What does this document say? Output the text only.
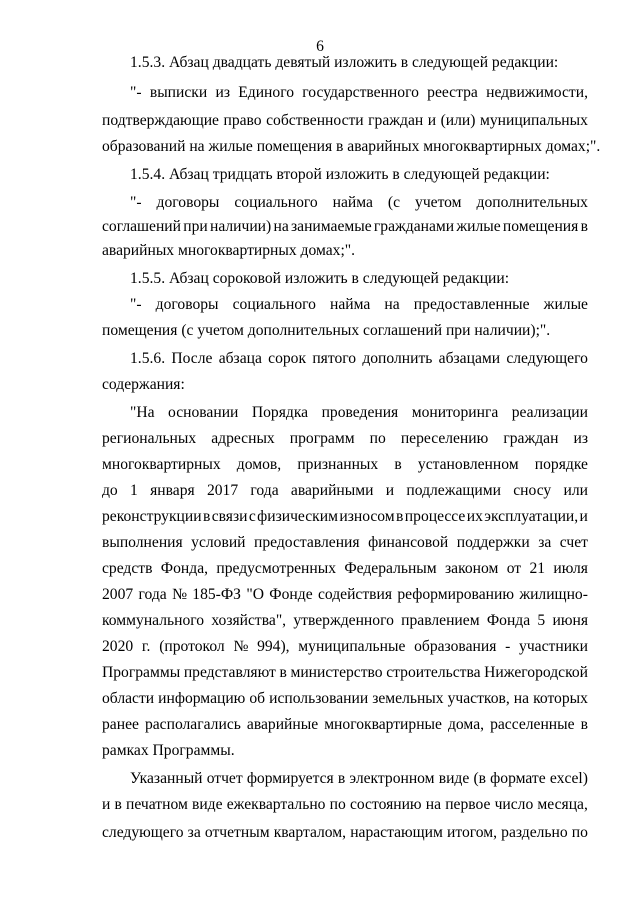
6
1.5.3. Абзац двадцать девятый изложить в следующей редакции:
"- выписки из Единого государственного реестра недвижимости,
подтверждающие право собственности граждан и (или) муниципальных
образований на жилые помещения в аварийных многоквартирных домах;".
1.5.4. Абзац тридцать второй изложить в следующей редакции:
"- договоры социального найма (с учетом дополнительных
соглашений при наличии) на занимаемые гражданами жилые помещения в
аварийных многоквартирных домах;".
1.5.5. Абзац сороковой изложить в следующей редакции:
"- договоры социального найма на предоставленные жилые
помещения (с учетом дополнительных соглашений при наличии);".
1.5.6. После абзаца сорок пятого дополнить абзацами следующего
содержания:
"На основании Порядка проведения мониторинга реализации
региональных адресных программ по переселению граждан из
многоквартирных домов, признанных в установленном порядке
до 1 января 2017 года аварийными и подлежащими сносу или
реконструкции в связи с физическим износом в процессе их эксплуатации, и
выполнения условий предоставления финансовой поддержки за счет
средств Фонда, предусмотренных Федеральным законом от 21 июля
2007 года № 185-ФЗ "О Фонде содействия реформированию жилищно-
коммунального хозяйства", утвержденного правлением Фонда 5 июня
2020 г. (протокол № 994), муниципальные образования - участники
Программы представляют в министерство строительства Нижегородской
области информацию об использовании земельных участков, на которых
ранее располагались аварийные многоквартирные дома, расселенные в
рамках Программы.
Указанный отчет формируется в электронном виде (в формате excel)
и в печатном виде ежеквартально по состоянию на первое число месяца,
следующего за отчетным кварталом, нарастающим итогом, раздельно по
